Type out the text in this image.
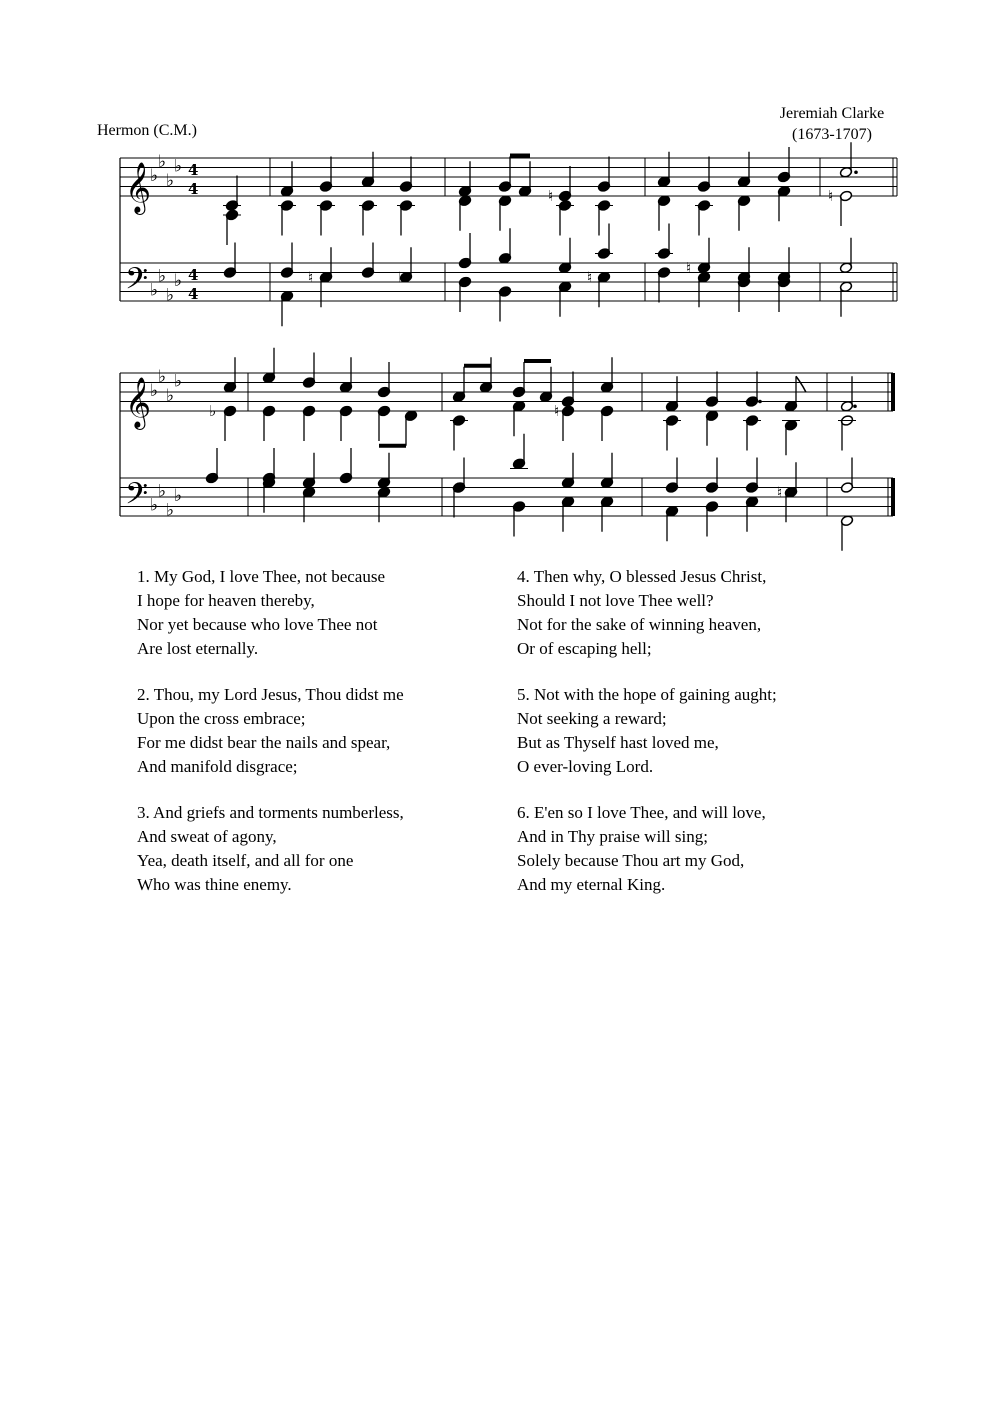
Hermon (C.M.)
Jeremiah Clarke
(1673-1707)
𝄞
𝄢
♭
♭
♭
♭
♭
♭
♭
♭
4
4
4
4
♮
♮	♮
♮
♮
♭
𝄞
𝄢
♭
♭
♭
♭
♭
♭
♭
♭
♭	♮
♮
1. My God, I love Thee, not because
I hope for heaven thereby,
Nor yet because who love Thee not
Are lost eternally.
2. Thou, my Lord Jesus, Thou didst me
Upon the cross embrace;
For me didst bear the nails and spear,
And manifold disgrace;
3. And griefs and torments numberless,
And sweat of agony,
Yea, death itself, and all for one
Who was thine enemy.
4. Then why, O blessed Jesus Christ,
Should I not love Thee well?
Not for the sake of winning heaven,
Or of escaping hell;
5. Not with the hope of gaining aught;
Not seeking a reward;
But as Thyself hast loved me,
O ever-loving Lord.
6. E'en so I love Thee, and will love,
And in Thy praise will sing;
Solely because Thou art my God,
And my eternal King.
